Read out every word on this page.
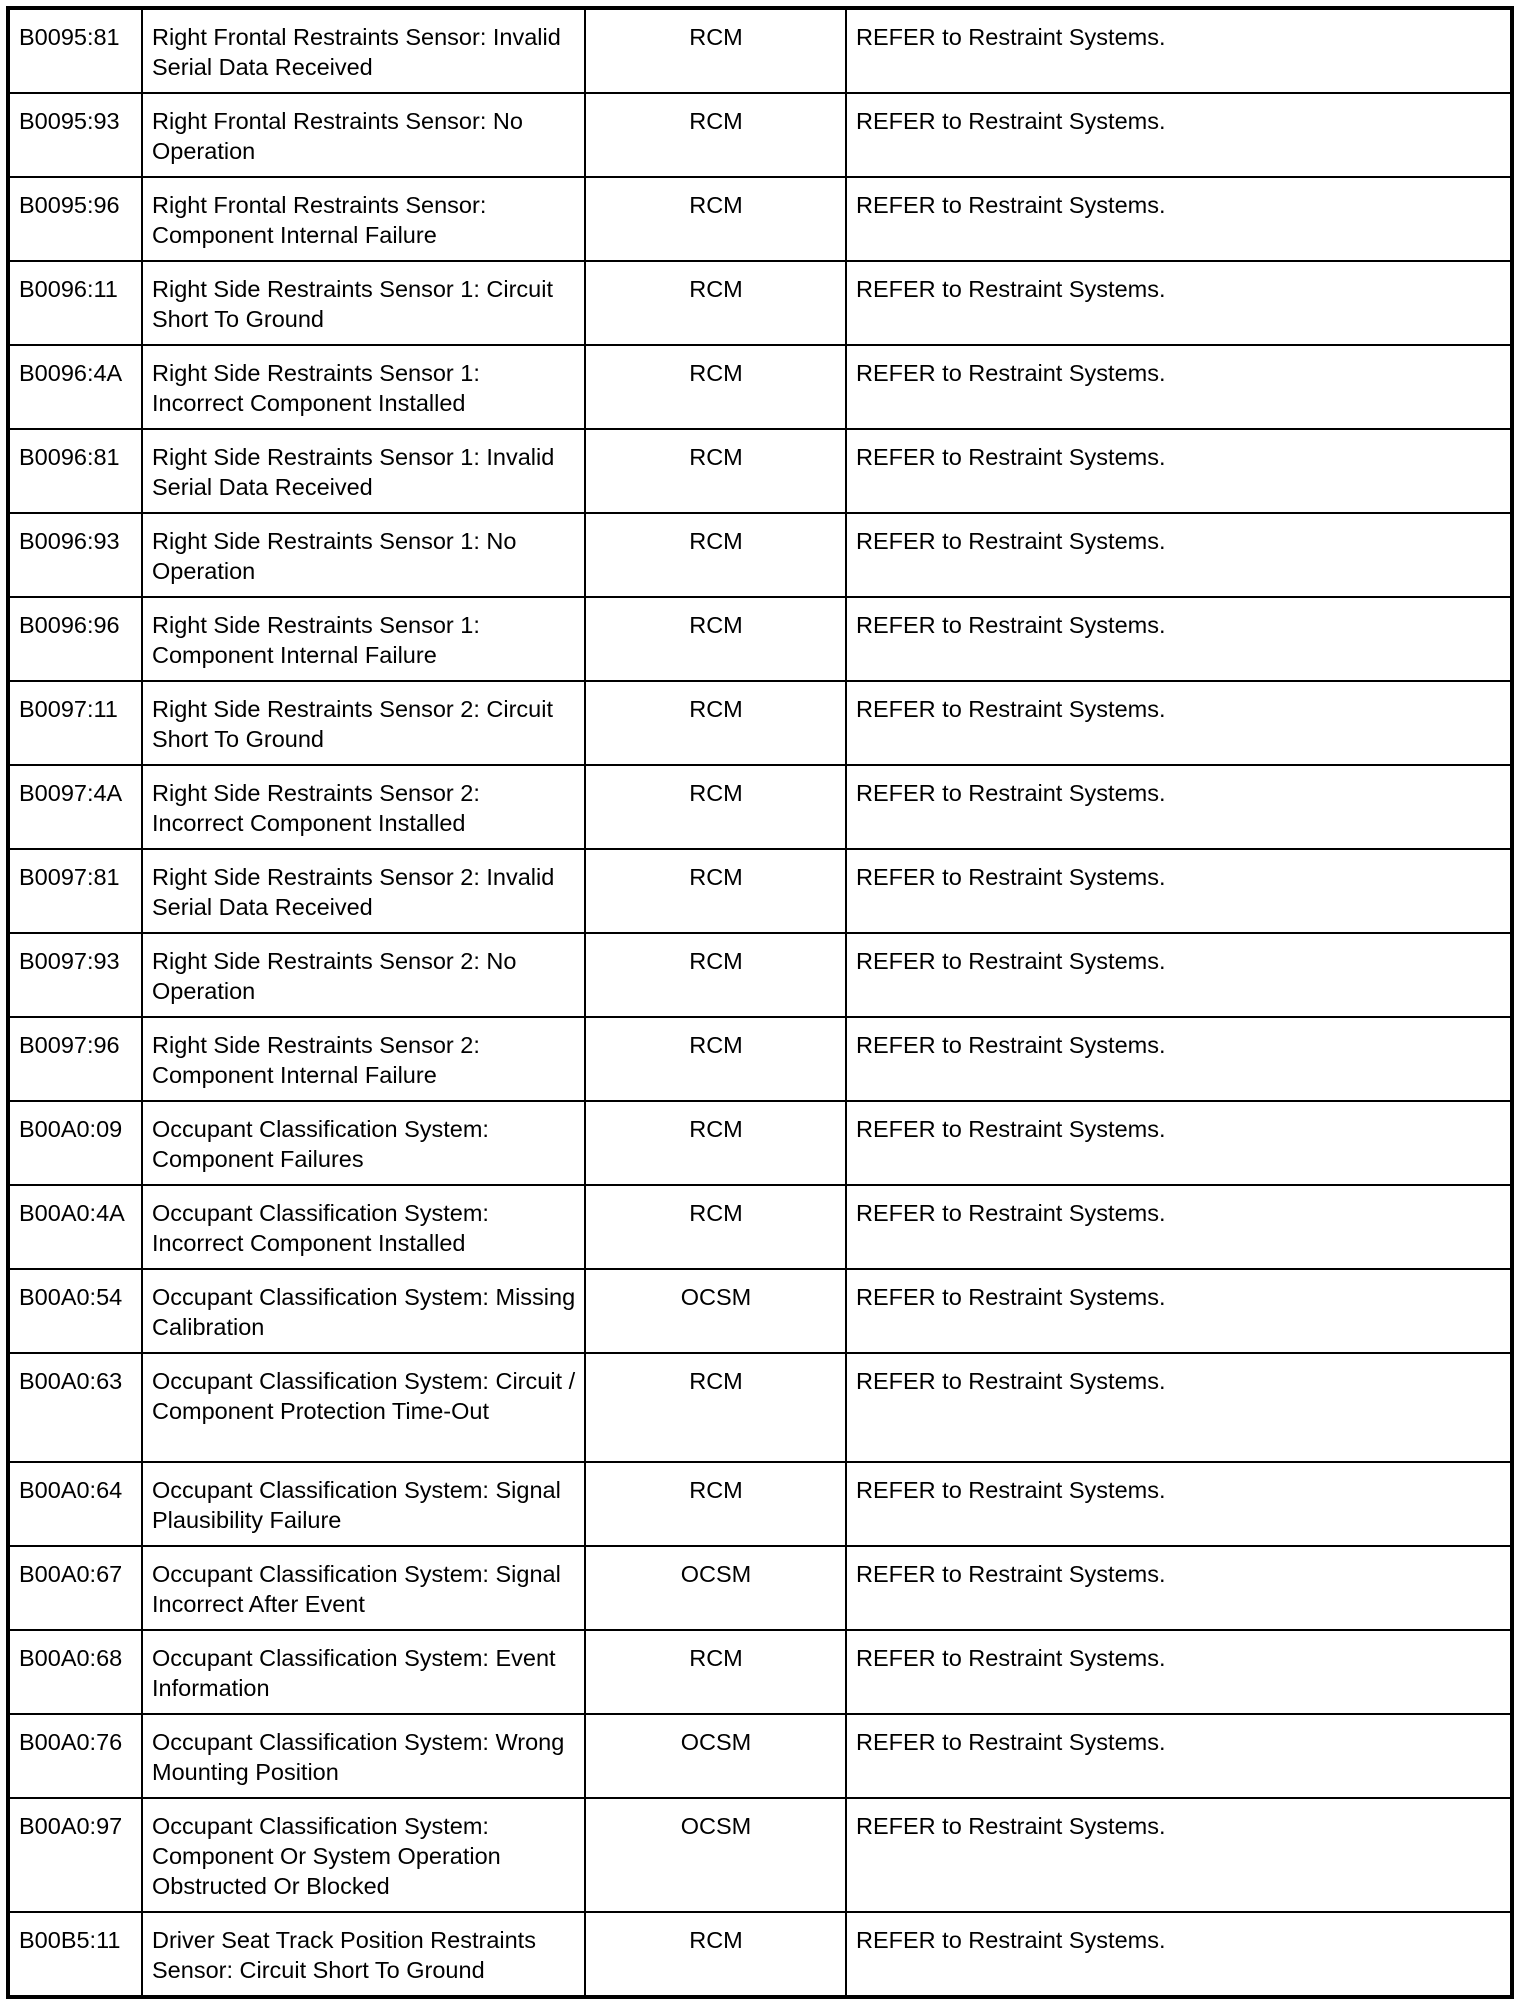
B0095:81	Right Frontal Restraints Sensor: Invalid Serial Data Received	RCM	REFER to Restraint Systems.
B0095:93	Right Frontal Restraints Sensor: No Operation	RCM	REFER to Restraint Systems.
B0095:96	Right Frontal Restraints Sensor: Component Internal Failure	RCM	REFER to Restraint Systems.
B0096:11	Right Side Restraints Sensor 1: Circuit Short To Ground	RCM	REFER to Restraint Systems.
B0096:4A	Right Side Restraints Sensor 1: Incorrect Component Installed	RCM	REFER to Restraint Systems.
B0096:81	Right Side Restraints Sensor 1: Invalid Serial Data Received	RCM	REFER to Restraint Systems.
B0096:93	Right Side Restraints Sensor 1: No Operation	RCM	REFER to Restraint Systems.
B0096:96	Right Side Restraints Sensor 1: Component Internal Failure	RCM	REFER to Restraint Systems.
B0097:11	Right Side Restraints Sensor 2: Circuit Short To Ground	RCM	REFER to Restraint Systems.
B0097:4A	Right Side Restraints Sensor 2: Incorrect Component Installed	RCM	REFER to Restraint Systems.
B0097:81	Right Side Restraints Sensor 2: Invalid Serial Data Received	RCM	REFER to Restraint Systems.
B0097:93	Right Side Restraints Sensor 2: No Operation	RCM	REFER to Restraint Systems.
B0097:96	Right Side Restraints Sensor 2: Component Internal Failure	RCM	REFER to Restraint Systems.
B00A0:09	Occupant Classification System: Component Failures	RCM	REFER to Restraint Systems.
B00A0:4A	Occupant Classification System: Incorrect Component Installed	RCM	REFER to Restraint Systems.
B00A0:54	Occupant Classification System: Missing Calibration	OCSM	REFER to Restraint Systems.
B00A0:63	Occupant Classification System: Circuit / Component Protection Time-Out	RCM	REFER to Restraint Systems.
B00A0:64	Occupant Classification System: Signal Plausibility Failure	RCM	REFER to Restraint Systems.
B00A0:67	Occupant Classification System: Signal Incorrect After Event	OCSM	REFER to Restraint Systems.
B00A0:68	Occupant Classification System: Event Information	RCM	REFER to Restraint Systems.
B00A0:76	Occupant Classification System: Wrong Mounting Position	OCSM	REFER to Restraint Systems.
B00A0:97	Occupant Classification System: Component Or System Operation Obstructed Or Blocked	OCSM	REFER to Restraint Systems.
B00B5:11	Driver Seat Track Position Restraints Sensor: Circuit Short To Ground	RCM	REFER to Restraint Systems.
